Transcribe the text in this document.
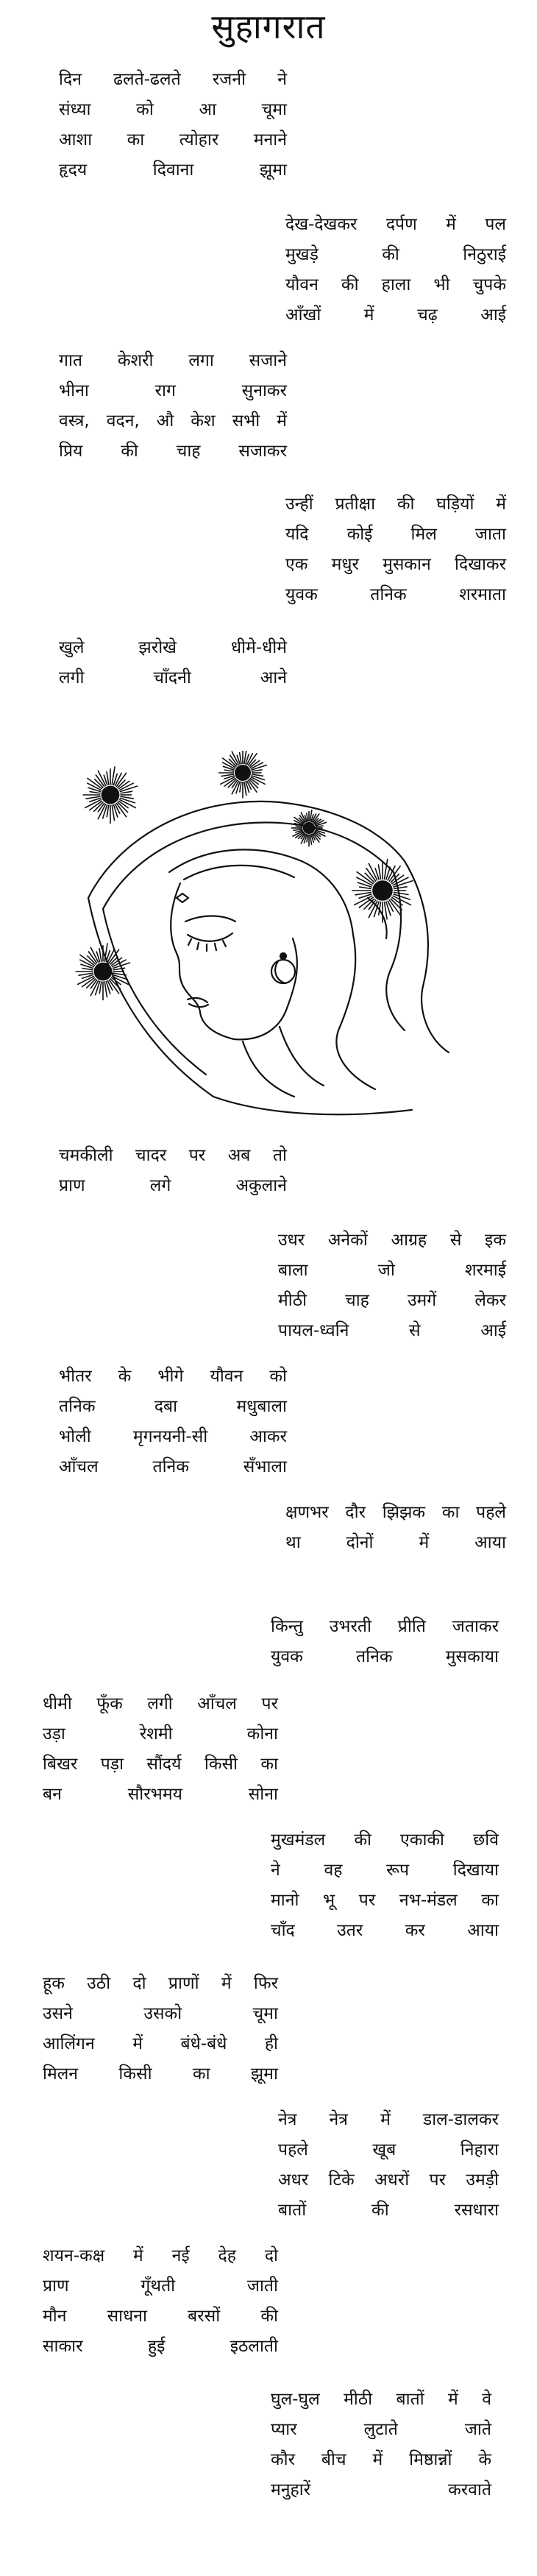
सुहागरात
दिन ढलते-ढलते रजनी ने
संध्या को आ चूमा
आशा का त्योहार मनाने
हृदय दिवाना झूमा
देख-देखकर दर्पण में पल
मुखड़े की निठुराई
यौवन की हाला भी चुपके
आँखों में चढ़ आई
गात केशरी लगा सजाने
भीना राग सुनाकर
वस्त्र, वदन, औ केश सभी में
प्रिय की चाह सजाकर
उन्हीं प्रतीक्षा की घड़ियों में
यदि कोई मिल जाता
एक मधुर मुसकान दिखाकर
युवक तनिक शरमाता
खुले झरोखे धीमे-धीमे
लगी चाँदनी आने
चमकीली चादर पर अब तो
प्राण लगे अकुलाने
उधर अनेकों आग्रह से इक
बाला जो शरमाई
मीठी चाह उमगें लेकर
पायल-ध्वनि से आई
भीतर के भीगे यौवन को
तनिक दबा मधुबाला
भोली मृगनयनी-सी आकर
आँचल तनिक सँभाला
क्षणभर दौर झिझक का पहले
था दोनों में आया
किन्तु उभरती प्रीति जताकर
युवक तनिक मुसकाया
धीमी फूँक लगी आँचल पर
उड़ा रेशमी कोना
बिखर पड़ा सौंदर्य किसी का
बन सौरभमय सोना
मुखमंडल की एकाकी छवि
ने वह रूप दिखाया
मानो भू पर नभ-मंडल का
चाँद उतर कर आया
हूक उठी दो प्राणों में फिर
उसने उसको चूमा
आलिंगन में बंधे-बंधे ही
मिलन किसी का झूमा
नेत्र नेत्र में डाल-डालकर
पहले खूब निहारा
अधर टिके अधरों पर उमड़ी
बातों की रसधारा
शयन-कक्ष में नई देह दो
प्राण गूँथती जाती
मौन साधना बरसों की
साकार हुई इठलाती
घुल-घुल मीठी बातों में वे
प्यार लुटाते जाते
कौर बीच में मिष्ठान्नों के
मनुहारें करवाते
